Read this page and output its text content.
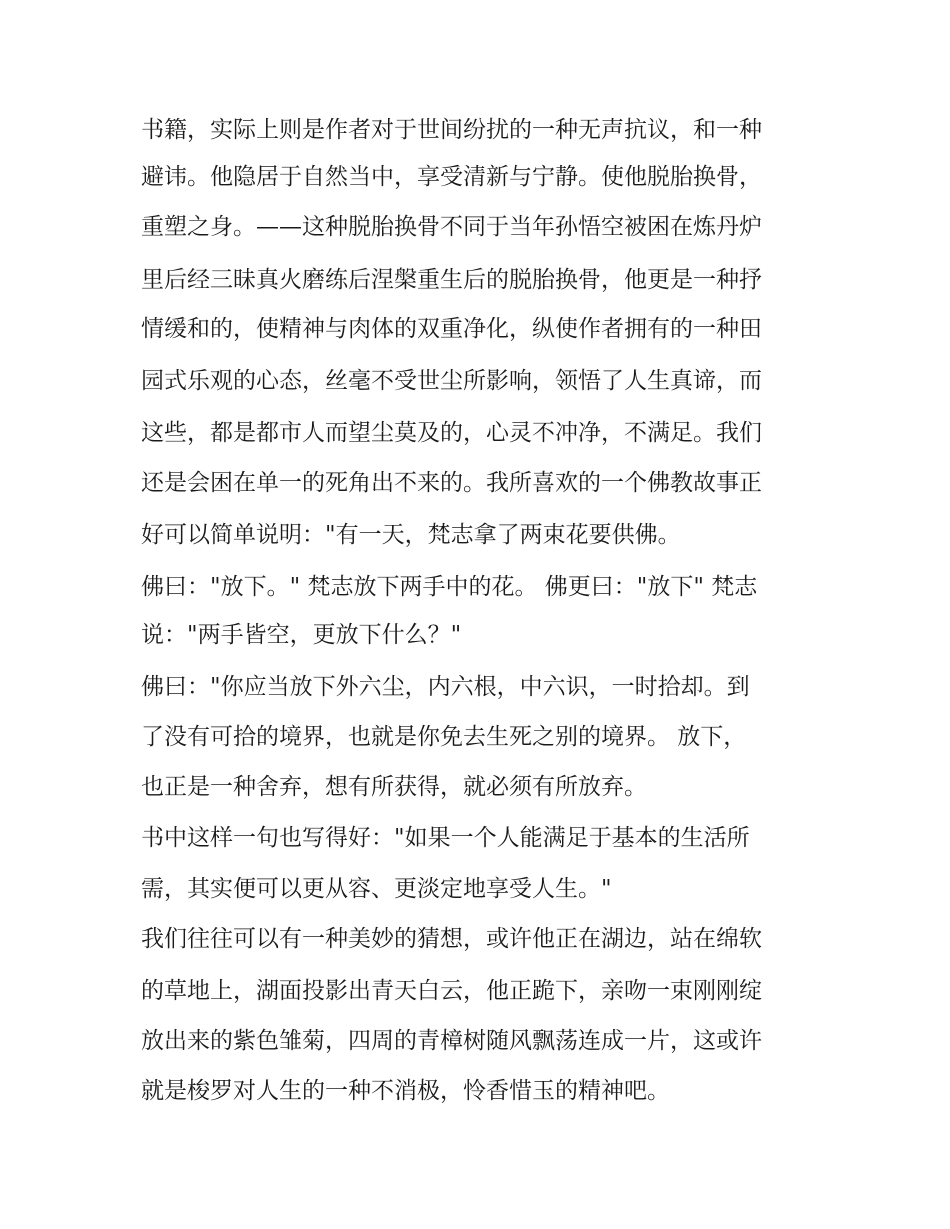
书籍，实际上则是作者对于世间纷扰的一种无声抗议，和一种
避讳。他隐居于自然当中，享受清新与宁静。使他脱胎换骨，
重塑之身。——这种脱胎换骨不同于当年孙悟空被困在炼丹炉
里后经三昧真火磨练后涅槃重生后的脱胎换骨，他更是一种抒
情缓和的，使精神与肉体的双重净化，纵使作者拥有的一种田
园式乐观的心态，丝毫不受世尘所影响，领悟了人生真谛，而
这些，都是都市人而望尘莫及的，心灵不冲净，不满足。我们
还是会困在单一的死角出不来的。我所喜欢的一个佛教故事正
好可以简单说明："有一天，梵志拿了两束花要供佛。
佛曰："放下。" 梵志放下两手中的花。 佛更曰："放下" 梵志
说："两手皆空，更放下什么？"
佛曰："你应当放下外六尘，内六根，中六识，一时拾却。到
了没有可拾的境界，也就是你免去生死之别的境界。 放下，
也正是一种舍弃，想有所获得，就必须有所放弃。
书中这样一句也写得好："如果一个人能满足于基本的生活所
需，其实便可以更从容、更淡定地享受人生。"
我们往往可以有一种美妙的猜想，或许他正在湖边，站在绵软
的草地上，湖面投影出青天白云，他正跪下，亲吻一束刚刚绽
放出来的紫色雏菊，四周的青樟树随风飘荡连成一片，这或许
就是梭罗对人生的一种不消极，怜香惜玉的精神吧。
